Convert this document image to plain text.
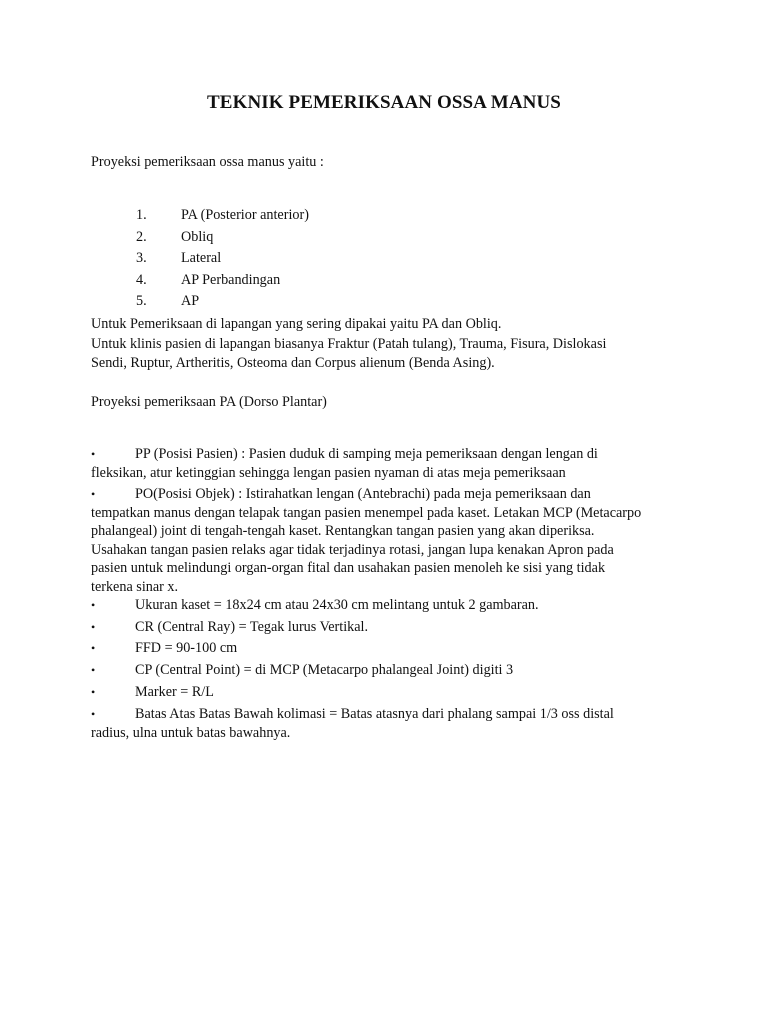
TEKNIK PEMERIKSAAN OSSA MANUS
Proyeksi pemeriksaan ossa manus yaitu :
1. PA (Posterior anterior)
2. Obliq
3. Lateral
4. AP Perbandingan
5. AP
Untuk Pemeriksaan di lapangan yang sering dipakai yaitu PA dan Obliq.
Untuk klinis pasien di lapangan biasanya Fraktur (Patah tulang), Trauma, Fisura, Dislokasi
Sendi, Ruptur, Artheritis, Osteoma dan Corpus alienum (Benda Asing).
Proyeksi pemeriksaan PA (Dorso Plantar)
•	PP (Posisi Pasien) : Pasien duduk di samping meja pemeriksaan dengan lengan di
fleksikan, atur ketinggian sehingga lengan pasien nyaman di atas meja pemeriksaan
•	PO(Posisi Objek) : Istirahatkan lengan (Antebrachi) pada meja pemeriksaan dan
tempatkan manus dengan telapak tangan pasien menempel pada kaset. Letakan MCP (Metacarpo
phalangeal) joint di tengah-tengah kaset. Rentangkan tangan pasien yang akan diperiksa.
Usahakan tangan pasien relaks agar tidak terjadinya rotasi, jangan lupa kenakan Apron pada
pasien untuk melindungi organ-organ fital dan usahakan pasien menoleh ke sisi yang tidak
terkena sinar x.
•	Ukuran kaset = 18x24 cm atau 24x30 cm melintang untuk 2 gambaran.
•	CR (Central Ray) = Tegak lurus Vertikal.
•	FFD = 90-100 cm
•	CP (Central Point) = di MCP (Metacarpo phalangeal Joint) digiti 3
•	Marker = R/L
•	Batas Atas Batas Bawah kolimasi = Batas atasnya dari phalang sampai 1/3 oss distal
radius, ulna untuk batas bawahnya.
